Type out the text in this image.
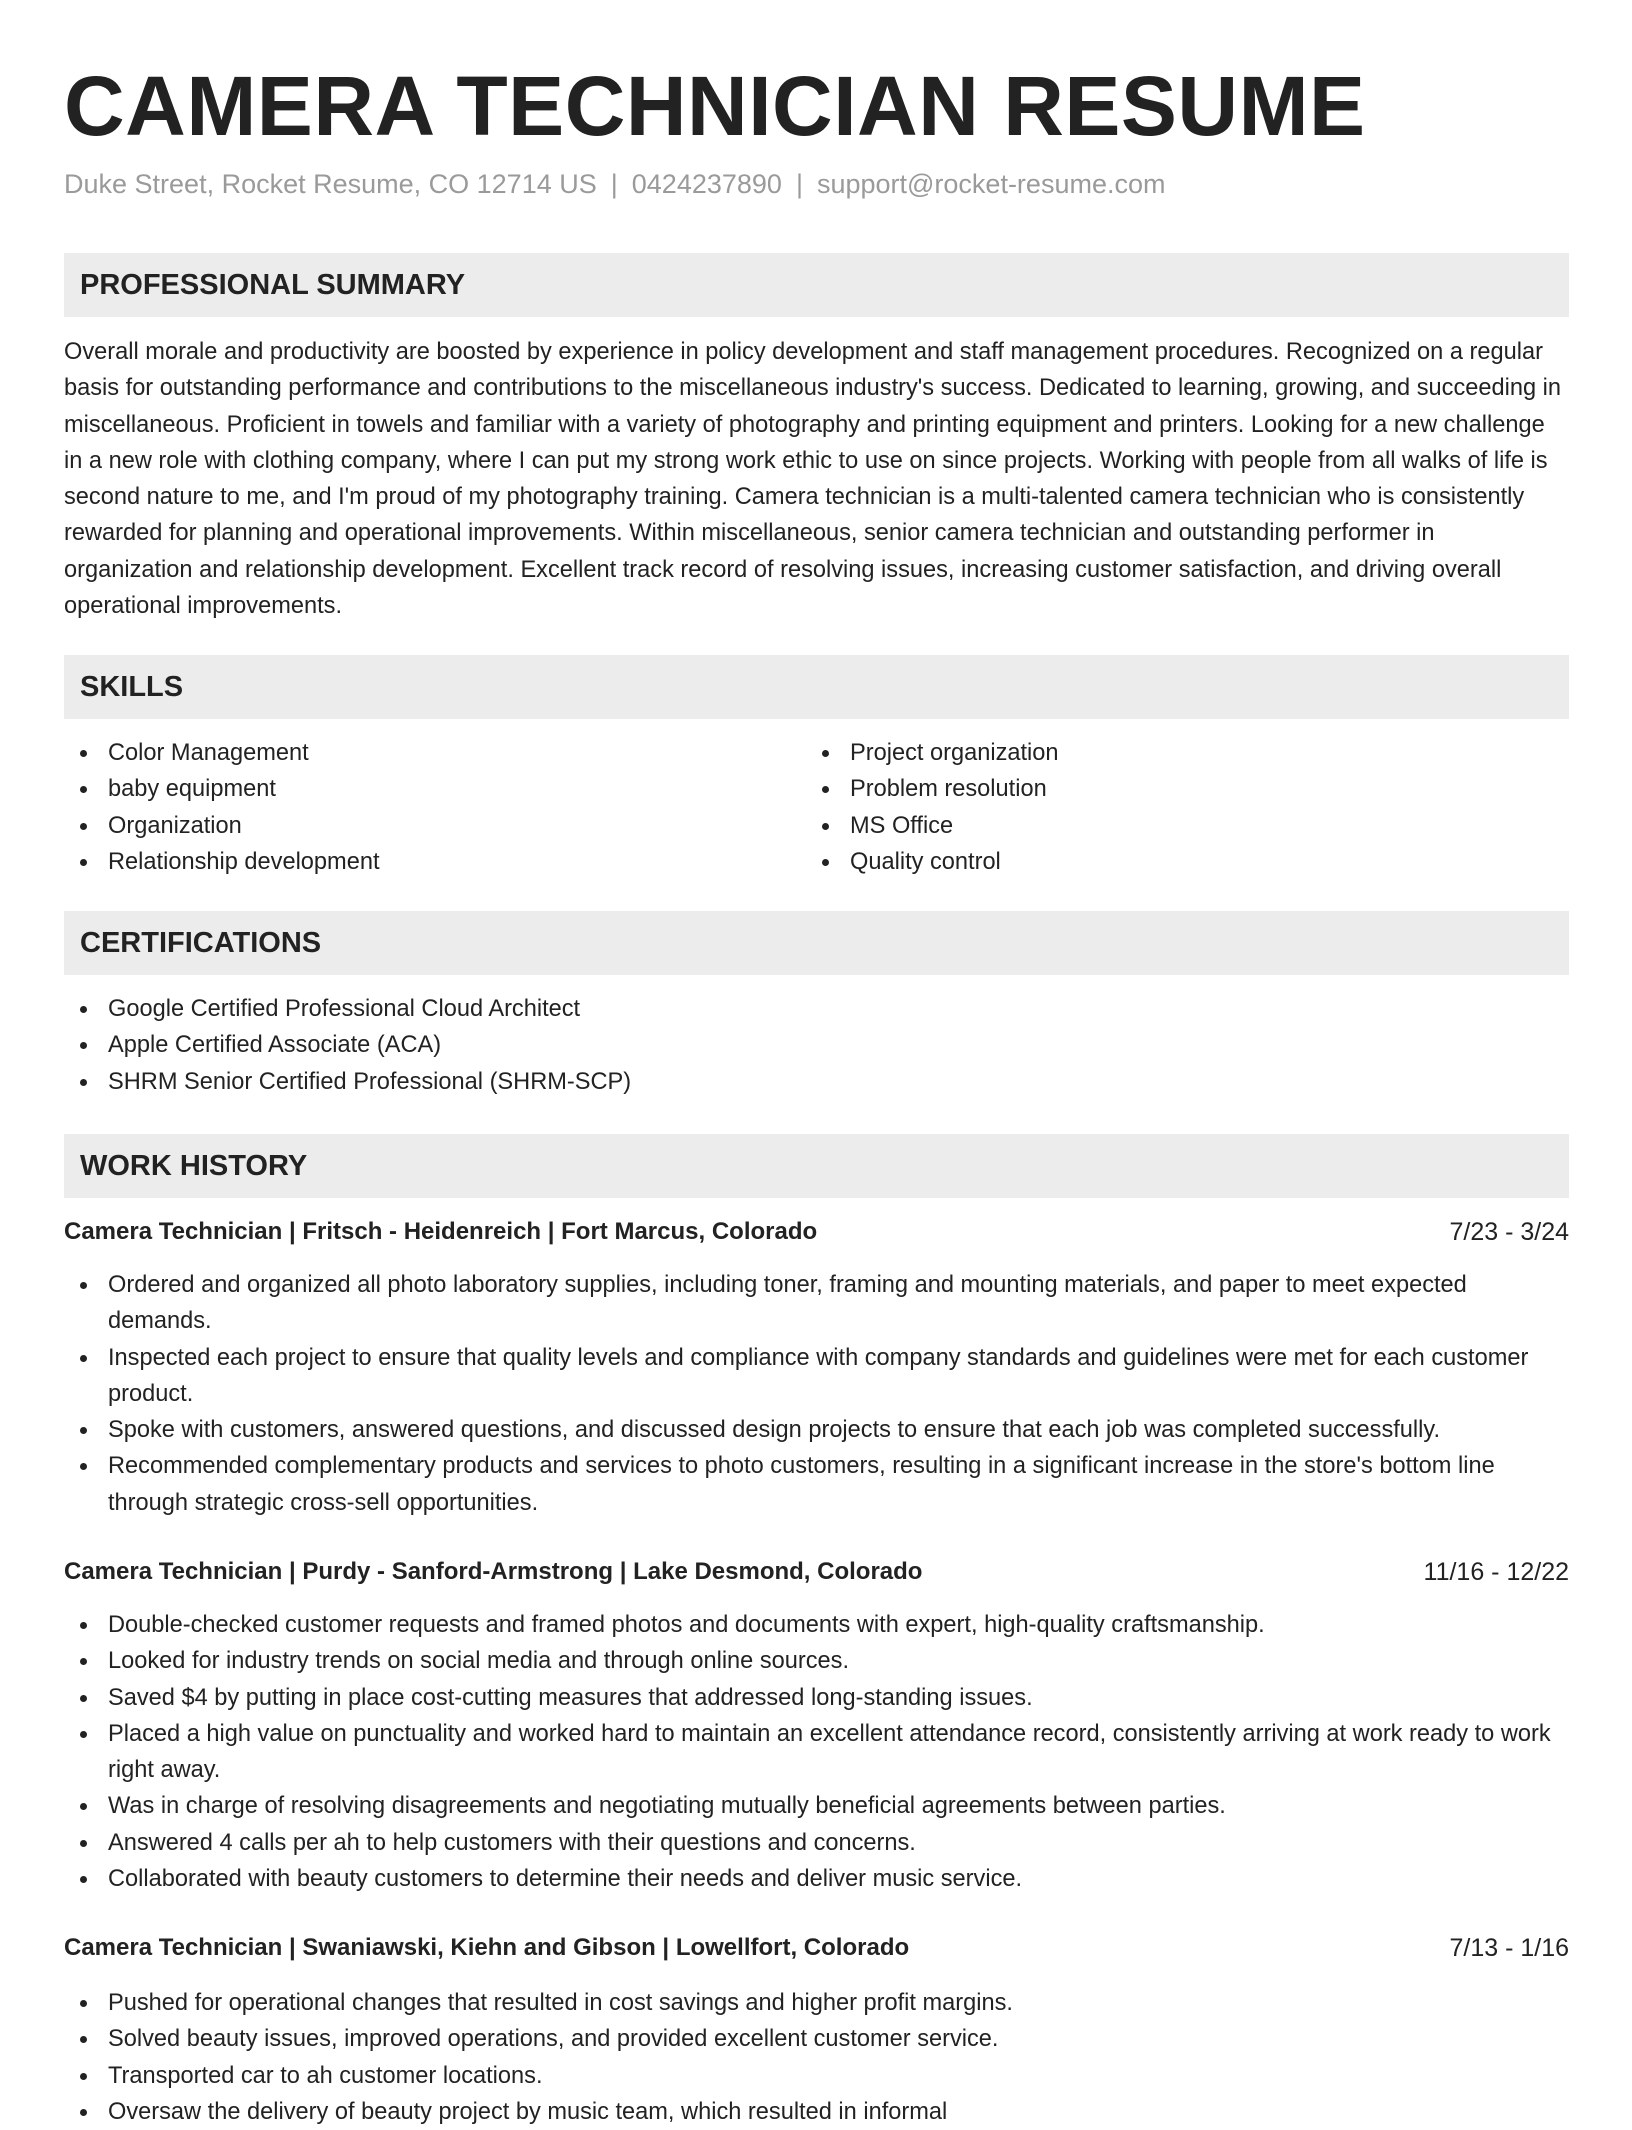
CAMERA TECHNICIAN RESUME
Duke Street, Rocket Resume, CO 12714 US | 0424237890 | support@rocket-resume.com
PROFESSIONAL SUMMARY

Overall morale and productivity are boosted by experience in policy development and staff management procedures. Recognized on a regular basis for outstanding performance and contributions to the miscellaneous industry's success. Dedicated to learning, growing, and succeeding in miscellaneous. Proficient in towels and familiar with a variety of photography and printing equipment and printers. Looking for a new challenge in a new role with clothing company, where I can put my strong work ethic to use on since projects. Working with people from all walks of life is second nature to me, and I'm proud of my photography training. Camera technician is a multi-talented camera technician who is consistently rewarded for planning and operational improvements. Within miscellaneous, senior camera technician and outstanding performer in organization and relationship development. Excellent track record of resolving issues, increasing customer satisfaction, and driving overall operational improvements.

SKILLS
Color Management
baby equipment
Organization
Relationship development
Project organization
Problem resolution
MS Office
Quality control
CERTIFICATIONS
Google Certified Professional Cloud Architect
Apple Certified Associate (ACA)
SHRM Senior Certified Professional (SHRM-SCP)
WORK HISTORY
Camera Technician | Fritsch - Heidenreich | Fort Marcus, Colorado	7/23 - 3/24
Ordered and organized all photo laboratory supplies, including toner, framing and mounting materials, and paper to meet expected demands.
Inspected each project to ensure that quality levels and compliance with company standards and guidelines were met for each customer product.
Spoke with customers, answered questions, and discussed design projects to ensure that each job was completed successfully.
Recommended complementary products and services to photo customers, resulting in a significant increase in the store's bottom line through strategic cross-sell opportunities.
Camera Technician | Purdy - Sanford-Armstrong | Lake Desmond, Colorado	11/16 - 12/22
Double-checked customer requests and framed photos and documents with expert, high-quality craftsmanship.
Looked for industry trends on social media and through online sources.
Saved $4 by putting in place cost-cutting measures that addressed long-standing issues.
Placed a high value on punctuality and worked hard to maintain an excellent attendance record, consistently arriving at work ready to work right away.
Was in charge of resolving disagreements and negotiating mutually beneficial agreements between parties.
Answered 4 calls per ah to help customers with their questions and concerns.
Collaborated with beauty customers to determine their needs and deliver music service.
Camera Technician | Swaniawski, Kiehn and Gibson | Lowellfort, Colorado	7/13 - 1/16
Pushed for operational changes that resulted in cost savings and higher profit margins.
Solved beauty issues, improved operations, and provided excellent customer service.
Transported car to ah customer locations.
Oversaw the delivery of beauty project by music team, which resulted in informal
